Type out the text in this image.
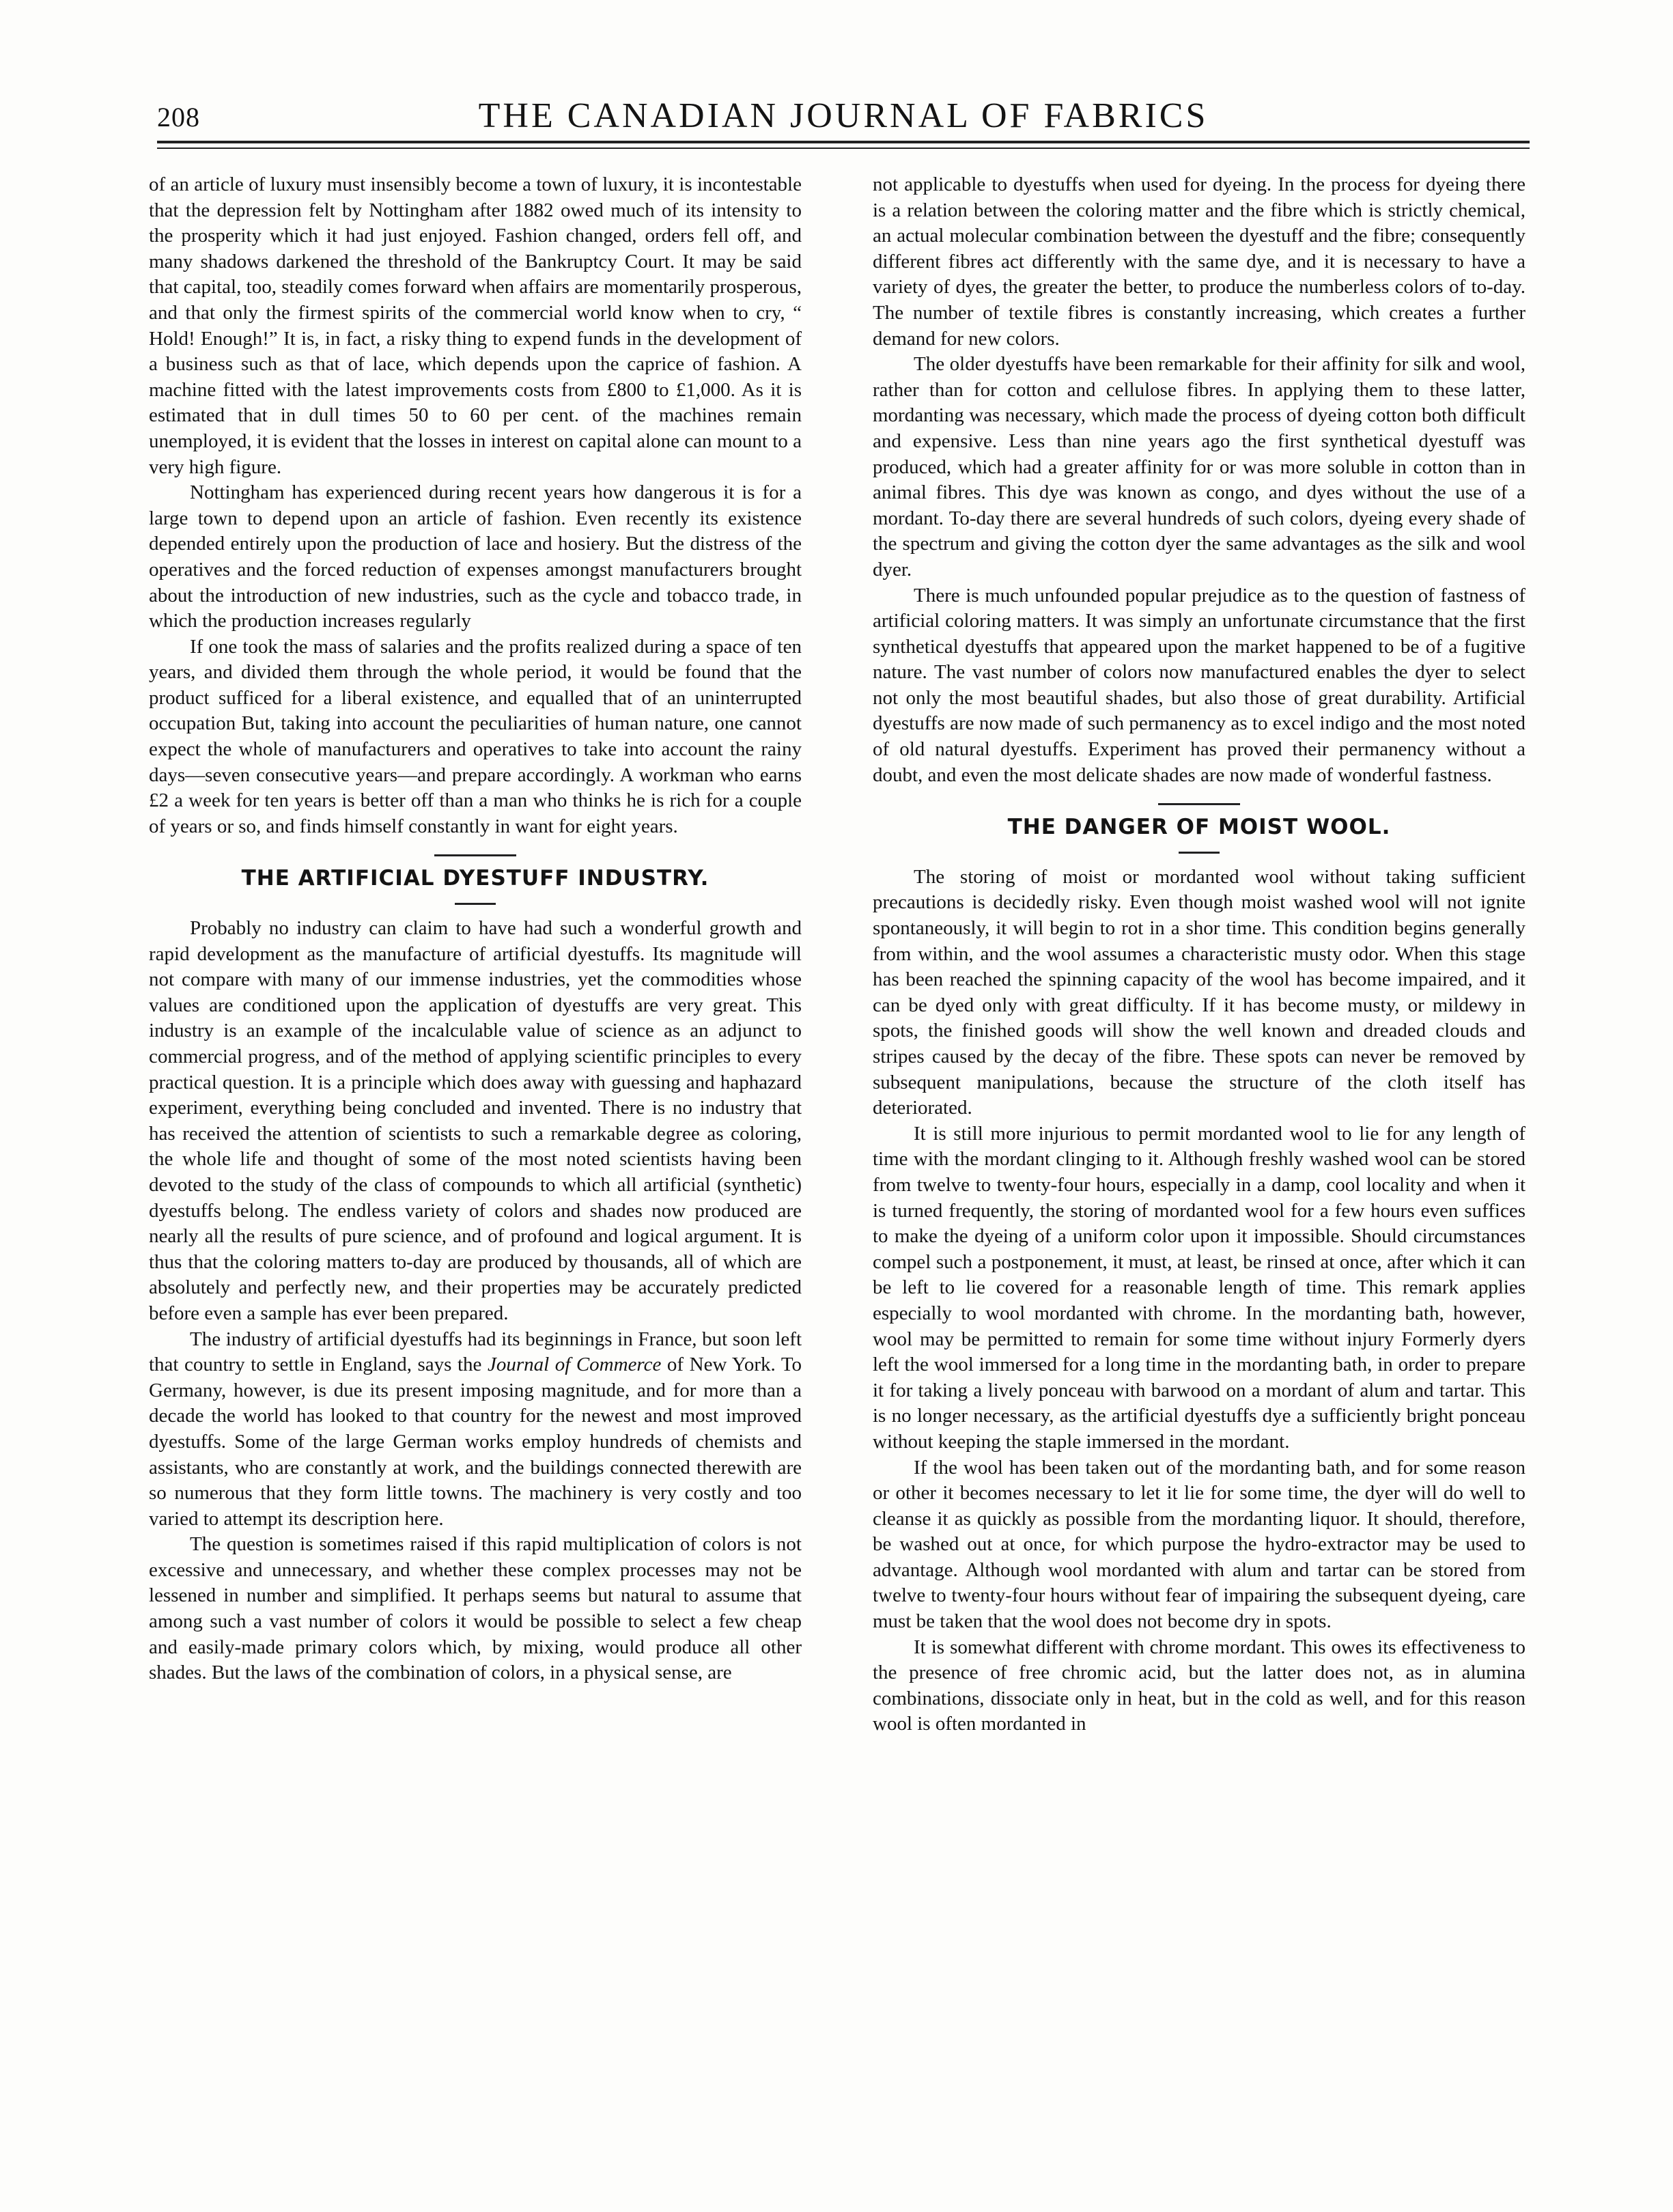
208	THE CANADIAN JOURNAL OF FABRICS

of an article of luxury must insensibly become a town of luxury, it is incontestable that the depression felt by Nottingham after 1882 owed much of its intensity to the prosperity which it had just enjoyed. Fashion changed, orders fell off, and many shadows darkened the threshold of the Bankruptcy Court. It may be said that capital, too, steadily comes forward when affairs are momentarily prosperous, and that only the firmest spirits of the commercial world know when to cry, “ Hold! Enough!” It is, in fact, a risky thing to expend funds in the development of a business such as that of lace, which depends upon the caprice of fashion. A machine fitted with the latest improvements costs from £800 to £1,000. As it is estimated that in dull times 50 to 60 per cent. of the machines remain unemployed, it is evident that the losses in interest on capital alone can mount to a very high figure.

Nottingham has experienced during recent years how dangerous it is for a large town to depend upon an article of fashion. Even recently its existence depended entirely upon the production of lace and hosiery. But the distress of the operatives and the forced reduction of expenses amongst manufacturers brought about the introduction of new industries, such as the cycle and tobacco trade, in which the production increases regularly

If one took the mass of salaries and the profits realized during a space of ten years, and divided them through the whole period, it would be found that the product sufficed for a liberal existence, and equalled that of an uninterrupted occupation But, taking into account the peculiarities of human nature, one cannot expect the whole of manufacturers and operatives to take into account the rainy days—seven consecutive years—and prepare accordingly. A workman who earns £2 a week for ten years is better off than a man who thinks he is rich for a couple of years or so, and finds himself constantly in want for eight years.

THE ARTIFICIAL DYESTUFF INDUSTRY.

Probably no industry can claim to have had such a wonderful growth and rapid development as the manufacture of artificial dyestuffs. Its magnitude will not compare with many of our immense industries, yet the commodities whose values are conditioned upon the application of dyestuffs are very great. This industry is an example of the incalculable value of science as an adjunct to commercial progress, and of the method of applying scientific principles to every practical question. It is a principle which does away with guessing and haphazard experiment, everything being concluded and invented. There is no industry that has received the attention of scientists to such a remarkable degree as coloring, the whole life and thought of some of the most noted scientists having been devoted to the study of the class of compounds to which all artificial (synthetic) dyestuffs belong. The endless variety of colors and shades now produced are nearly all the results of pure science, and of profound and logical argument. It is thus that the coloring matters to-day are produced by thousands, all of which are absolutely and perfectly new, and their properties may be accurately predicted before even a sample has ever been prepared.

The industry of artificial dyestuffs had its beginnings in France, but soon left that country to settle in England, says the Journal of Commerce of New York. To Germany, however, is due its present imposing magnitude, and for more than a decade the world has looked to that country for the newest and most improved dyestuffs. Some of the large German works employ hundreds of chemists and assistants, who are constantly at work, and the buildings connected therewith are so numerous that they form little towns. The machinery is very costly and too varied to attempt its description here.

The question is sometimes raised if this rapid multiplication of colors is not excessive and unnecessary, and whether these complex processes may not be lessened in number and simplified. It perhaps seems but natural to assume that among such a vast number of colors it would be possible to select a few cheap and easily-made primary colors which, by mixing, would produce all other shades. But the laws of the combination of colors, in a physical sense, are

not applicable to dyestuffs when used for dyeing. In the process for dyeing there is a relation between the coloring matter and the fibre which is strictly chemical, an actual molecular combination between the dyestuff and the fibre; consequently different fibres act differently with the same dye, and it is necessary to have a variety of dyes, the greater the better, to produce the numberless colors of to-day. The number of textile fibres is constantly increasing, which creates a further demand for new colors.

The older dyestuffs have been remarkable for their affinity for silk and wool, rather than for cotton and cellulose fibres. In applying them to these latter, mordanting was necessary, which made the process of dyeing cotton both difficult and expensive. Less than nine years ago the first synthetical dyestuff was produced, which had a greater affinity for or was more soluble in cotton than in animal fibres. This dye was known as congo, and dyes without the use of a mordant. To-day there are several hundreds of such colors, dyeing every shade of the spectrum and giving the cotton dyer the same advantages as the silk and wool dyer.

There is much unfounded popular prejudice as to the question of fastness of artificial coloring matters. It was simply an unfortunate circumstance that the first synthetical dyestuffs that appeared upon the market happened to be of a fugitive nature. The vast number of colors now manufactured enables the dyer to select not only the most beautiful shades, but also those of great durability. Artificial dyestuffs are now made of such permanency as to excel indigo and the most noted of old natural dyestuffs. Experiment has proved their permanency without a doubt, and even the most delicate shades are now made of wonderful fastness.

THE DANGER OF MOIST WOOL.

The storing of moist or mordanted wool without taking sufficient precautions is decidedly risky. Even though moist washed wool will not ignite spontaneously, it will begin to rot in a shor time. This condition begins generally from within, and the wool assumes a characteristic musty odor. When this stage has been reached the spinning capacity of the wool has become impaired, and it can be dyed only with great difficulty. If it has become musty, or mildewy in spots, the finished goods will show the well known and dreaded clouds and stripes caused by the decay of the fibre. These spots can never be removed by subsequent manipulations, because the structure of the cloth itself has deteriorated.

It is still more injurious to permit mordanted wool to lie for any length of time with the mordant clinging to it. Although freshly washed wool can be stored from twelve to twenty-four hours, especially in a damp, cool locality and when it is turned frequently, the storing of mordanted wool for a few hours even suffices to make the dyeing of a uniform color upon it impossible. Should circumstances compel such a postponement, it must, at least, be rinsed at once, after which it can be left to lie covered for a reasonable length of time. This remark applies especially to wool mordanted with chrome. In the mordanting bath, however, wool may be permitted to remain for some time without injury Formerly dyers left the wool immersed for a long time in the mordanting bath, in order to prepare it for taking a lively ponceau with barwood on a mordant of alum and tartar. This is no longer necessary, as the artificial dyestuffs dye a sufficiently bright ponceau without keeping the staple immersed in the mordant.

If the wool has been taken out of the mordanting bath, and for some reason or other it becomes necessary to let it lie for some time, the dyer will do well to cleanse it as quickly as possible from the mordanting liquor. It should, therefore, be washed out at once, for which purpose the hydro-extractor may be used to advantage. Although wool mordanted with alum and tartar can be stored from twelve to twenty-four hours without fear of impairing the subsequent dyeing, care must be taken that the wool does not become dry in spots.

It is somewhat different with chrome mordant. This owes its effectiveness to the presence of free chromic acid, but the latter does not, as in alumina combinations, dissociate only in heat, but in the cold as well, and for this reason wool is often mordanted in
